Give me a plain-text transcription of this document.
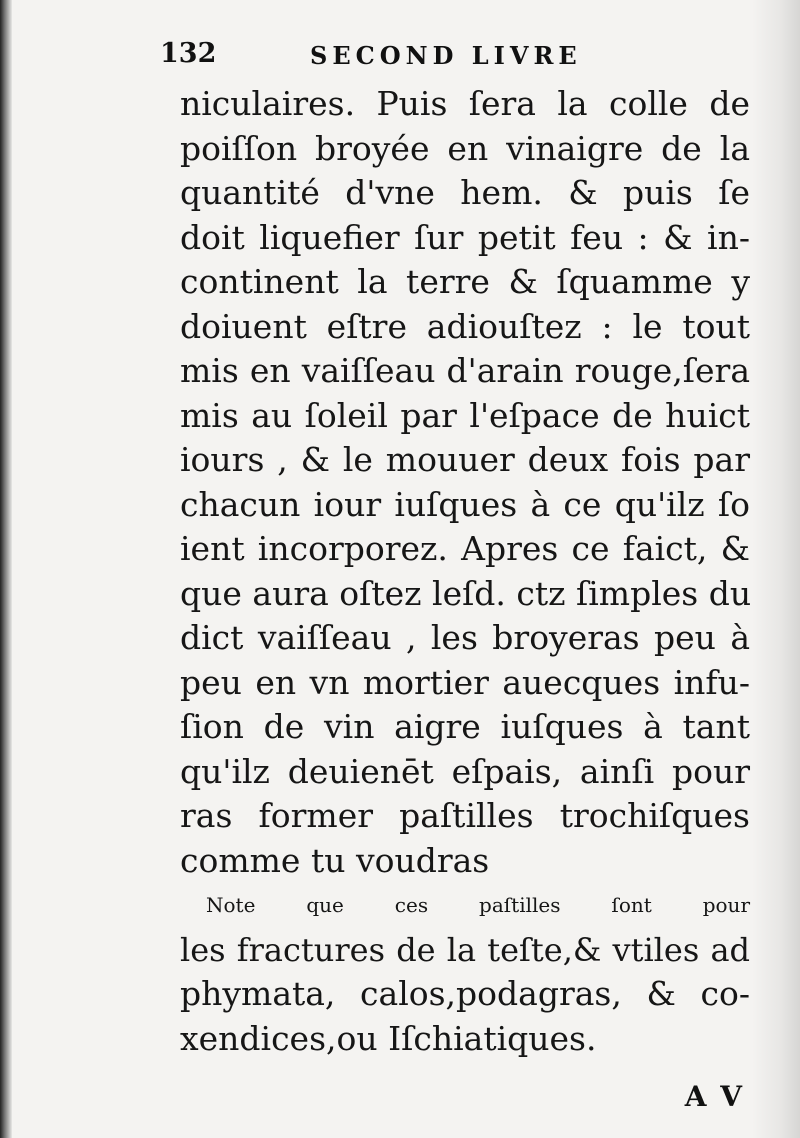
132	SECOND LIVRE
niculaires. Puis ſera la colle de
poiſſon broyée en vinaigre de la
quantité d'vne hem. & puis ſe
doit liquefier ſur petit feu : & in-
continent la terre & ſquamme y
doiuent eſtre adiouſtez : le tout
mis en vaiſſeau d'arain rouge,ſera
mis au ſoleil par l'eſpace de huict
iours , & le mouuer deux fois par
chacun iour iuſques à ce qu'ilz ſo
ient incorporez. Apres ce faict, &
que aura oſtez leſd. ctz ſimples du
dict vaiſſeau , les broyeras peu à
peu en vn mortier auecques infu-
ſion de vin aigre iuſques à tant
qu'ilz deuienēt eſpais, ainſi pour
ras former paſtilles trochiſques
comme tu voudras
Note que ces paſtilles ſont pour
les fractures de la teſte,& vtiles ad
phymata, calos,podagras, & co-
xendices,ou Iſchiatiques.
A V
